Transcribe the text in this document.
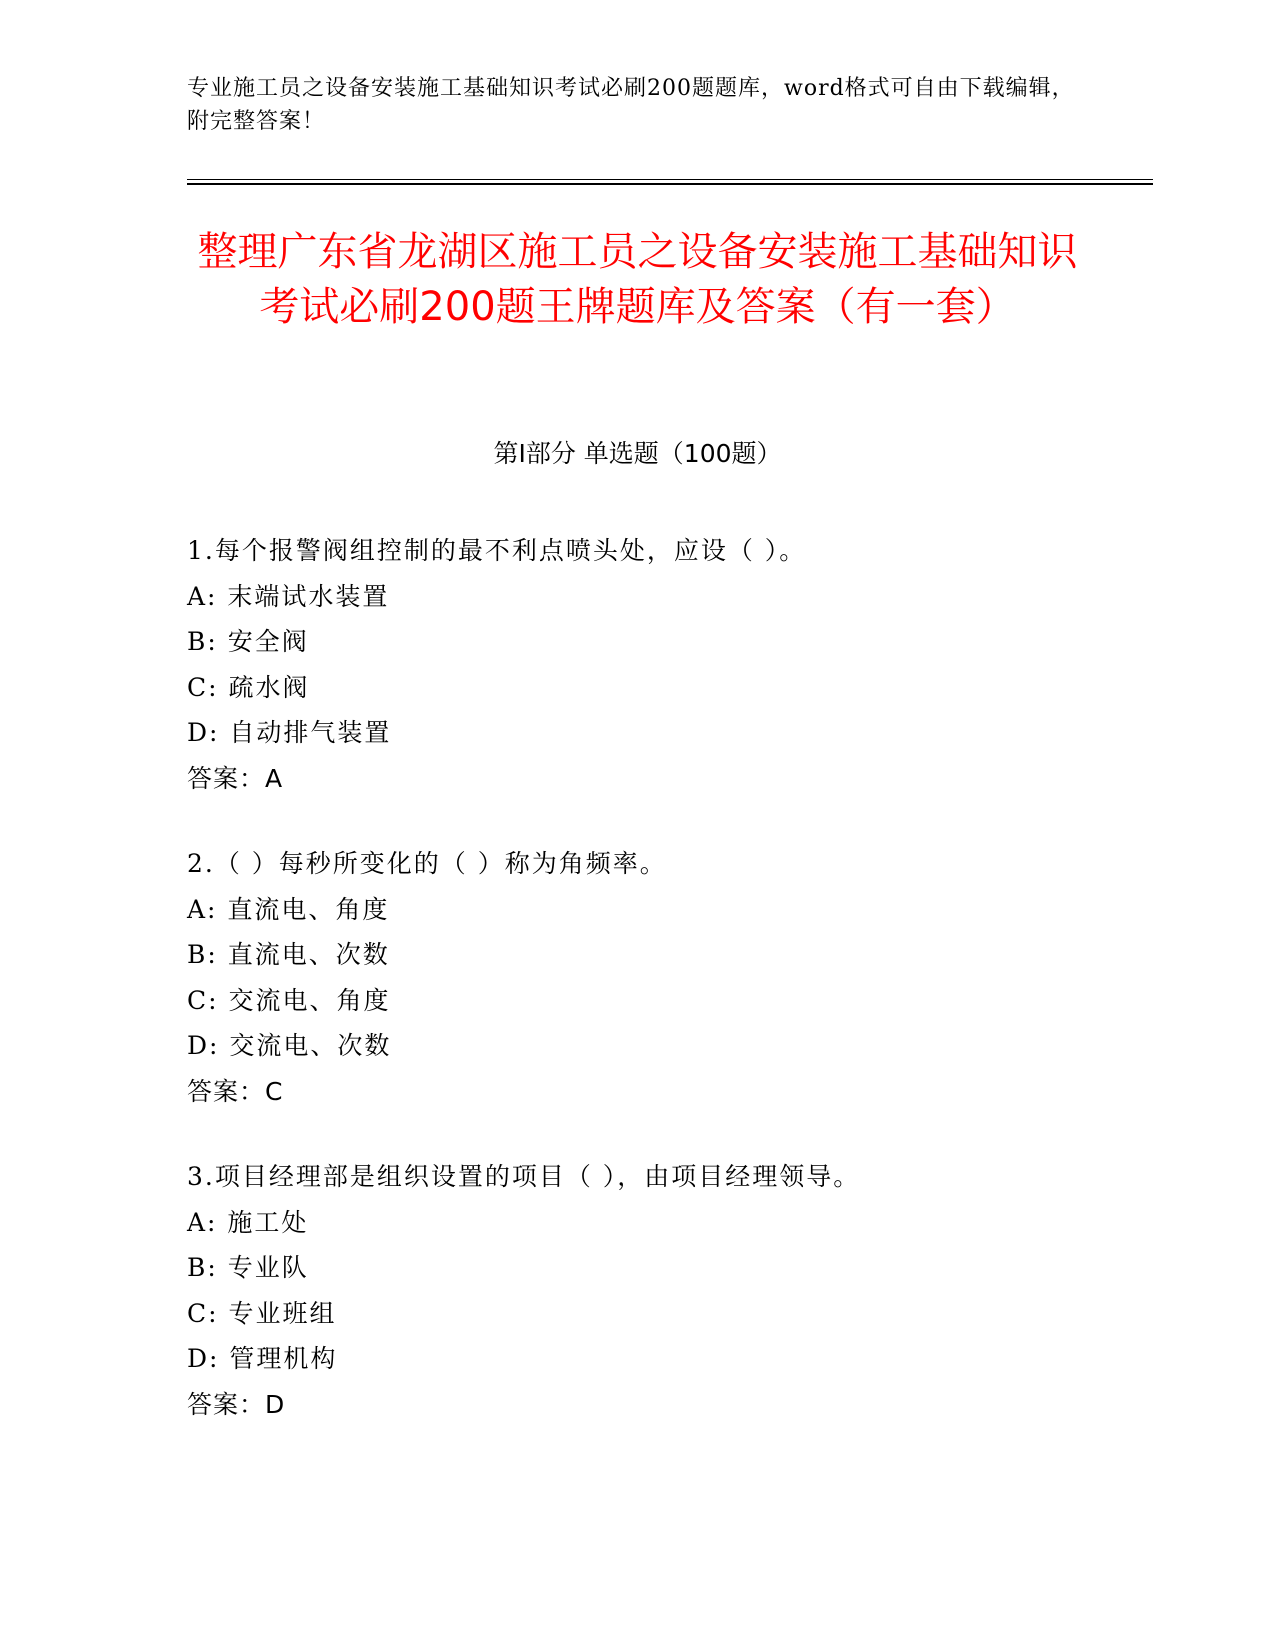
专业施工员之设备安装施工基础知识考试必刷200题题库，word格式可自由下载编辑，附完整答案！
整理广东省龙湖区施工员之设备安装施工基础知识考试必刷200题王牌题库及答案（有一套）
第I部分 单选题（100题）
1.每个报警阀组控制的最不利点喷头处，应设（ ）。
A: 末端试水装置
B: 安全阀
C: 疏水阀
D: 自动排气装置
答案：A
2.（ ）每秒所变化的（ ）称为角频率。
A: 直流电、角度
B: 直流电、次数
C: 交流电、角度
D: 交流电、次数
答案：C
3.项目经理部是组织设置的项目（ ），由项目经理领导。
A: 施工处
B: 专业队
C: 专业班组
D: 管理机构
答案：D
